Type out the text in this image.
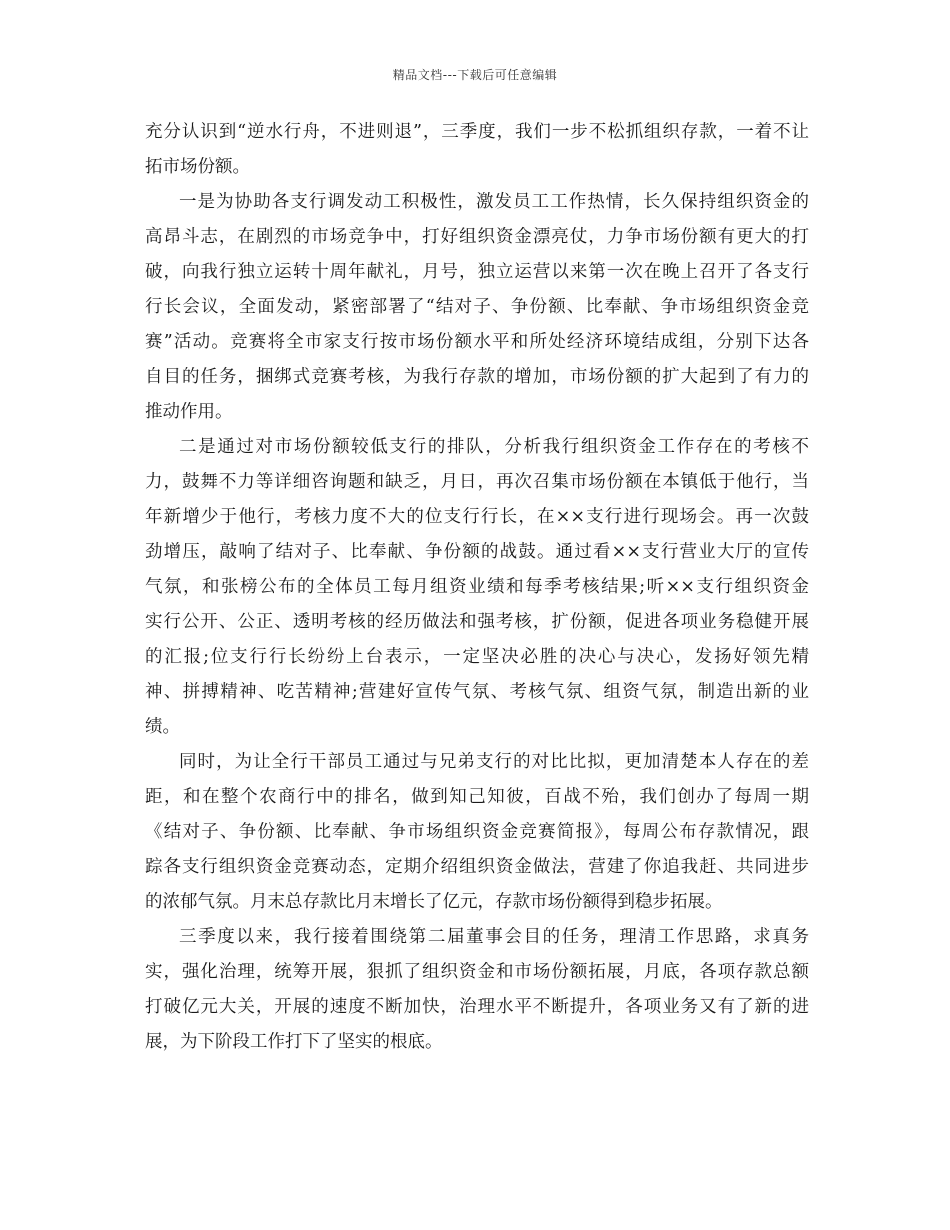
精品文档---下载后可任意编辑
充分认识到“逆水行舟，不进则退”，三季度，我们一步不松抓组织存款，一着不让
拓市场份额。
一是为协助各支行调发动工积极性，激发员工工作热情，长久保持组织资金的
高昂斗志，在剧烈的市场竞争中，打好组织资金漂亮仗，力争市场份额有更大的打
破，向我行独立运转十周年献礼，月号，独立运营以来第一次在晚上召开了各支行
行长会议，全面发动，紧密部署了“结对子、争份额、比奉献、争市场组织资金竞
赛”活动。竞赛将全市家支行按市场份额水平和所处经济环境结成组，分别下达各
自目的任务，捆绑式竞赛考核，为我行存款的增加，市场份额的扩大起到了有力的
推动作用。
二是通过对市场份额较低支行的排队，分析我行组织资金工作存在的考核不
力，鼓舞不力等详细咨询题和缺乏，月日，再次召集市场份额在本镇低于他行，当
年新增少于他行，考核力度不大的位支行行长，在××支行进行现场会。再一次鼓
劲增压，敲响了结对子、比奉献、争份额的战鼓。通过看××支行营业大厅的宣传
气氛，和张榜公布的全体员工每月组资业绩和每季考核结果;听××支行组织资金
实行公开、公正、透明考核的经历做法和强考核，扩份额，促进各项业务稳健开展
的汇报;位支行行长纷纷上台表示，一定坚决必胜的决心与决心，发扬好领先精
神、拼搏精神、吃苦精神;营建好宣传气氛、考核气氛、组资气氛，制造出新的业
绩。
同时，为让全行干部员工通过与兄弟支行的对比比拟，更加清楚本人存在的差
距，和在整个农商行中的排名，做到知己知彼，百战不殆，我们创办了每周一期
《结对子、争份额、比奉献、争市场组织资金竞赛简报》，每周公布存款情况，跟
踪各支行组织资金竞赛动态，定期介绍组织资金做法，营建了你追我赶、共同进步
的浓郁气氛。月末总存款比月末增长了亿元，存款市场份额得到稳步拓展。
三季度以来，我行接着围绕第二届董事会目的任务，理清工作思路，求真务
实，强化治理，统筹开展，狠抓了组织资金和市场份额拓展，月底，各项存款总额
打破亿元大关，开展的速度不断加快，治理水平不断提升，各项业务又有了新的进
展，为下阶段工作打下了坚实的根底。
